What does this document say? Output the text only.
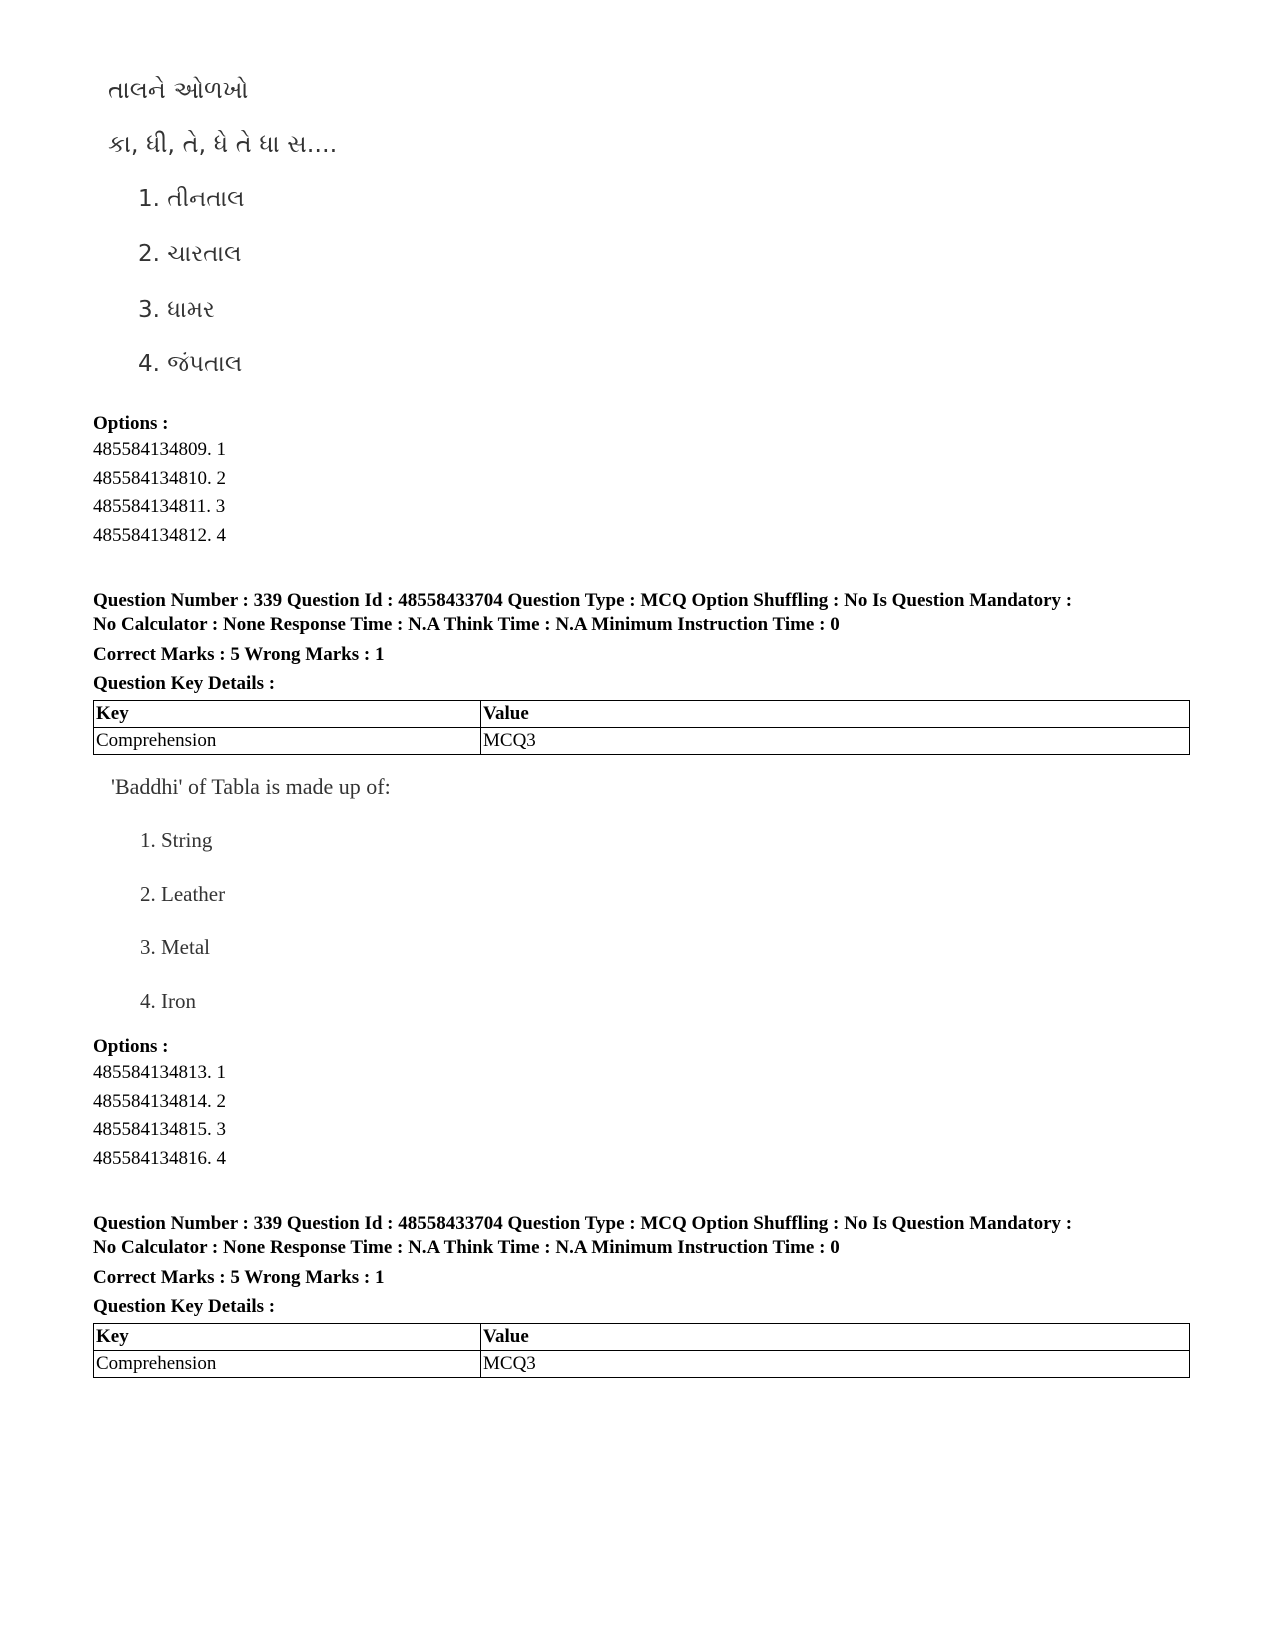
તાલને ઓળખો
કા, ધી, તે, ધે તે ધા સ....
1. તીનતાલ
2. ચારતાલ
3. ધામર
4. જંપતાલ
Options :
485584134809. 1
485584134810. 2
485584134811. 3
485584134812. 4
Question Number : 339 Question Id : 48558433704 Question Type : MCQ Option Shuffling : No Is Question Mandatory :
No Calculator : None Response Time : N.A Think Time : N.A Minimum Instruction Time : 0
Correct Marks : 5 Wrong Marks : 1
Question Key Details :
Key	Value
Comprehension	MCQ3
'Baddhi' of Tabla is made up of:
1. String
2. Leather
3. Metal
4. Iron
Options :
485584134813. 1
485584134814. 2
485584134815. 3
485584134816. 4
Question Number : 339 Question Id : 48558433704 Question Type : MCQ Option Shuffling : No Is Question Mandatory :
No Calculator : None Response Time : N.A Think Time : N.A Minimum Instruction Time : 0
Correct Marks : 5 Wrong Marks : 1
Question Key Details :
Key	Value
Comprehension	MCQ3
